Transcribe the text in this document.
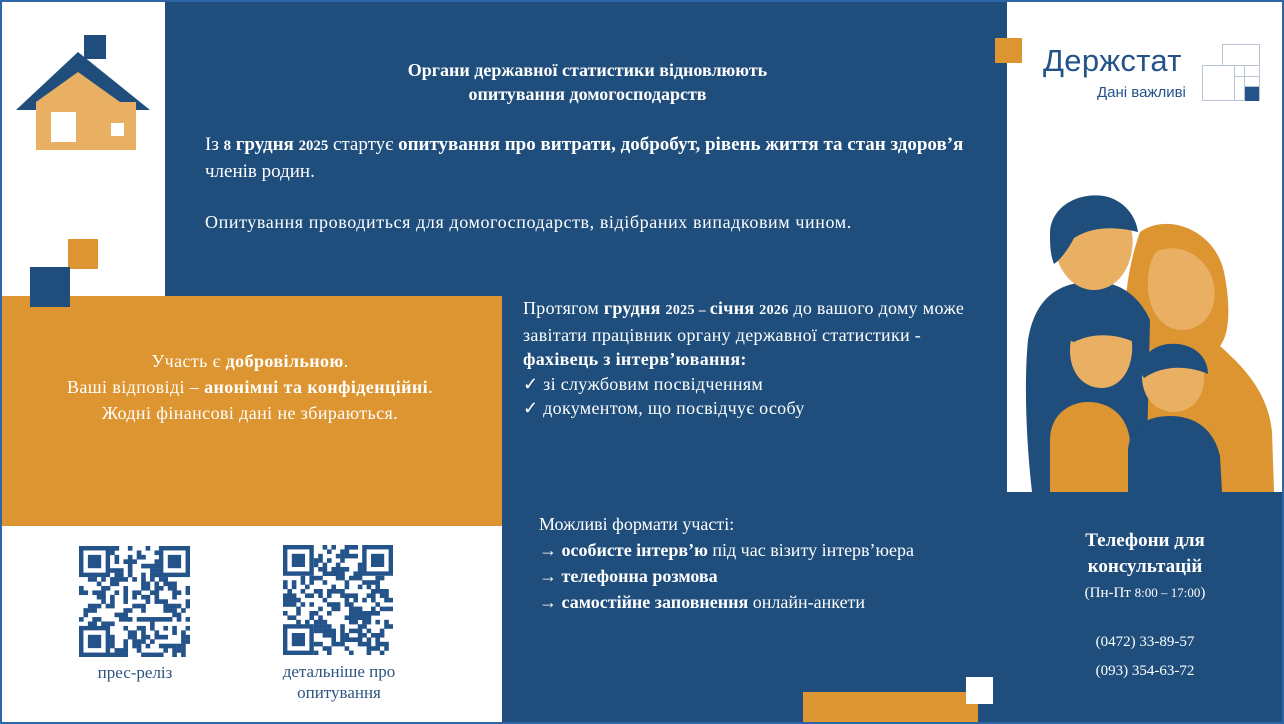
Держстат
Дані важливі
Органи державної статистики відновлюють
опитування домогосподарств
Із 8 грудня 2025 стартує опитування про витрати, добробут, рівень життя та стан здоров’я членів родин.
Опитування проводиться для домогосподарств, відібраних випадковим чином.
Протягом грудня 2025 – січня 2026 до вашого дому може завітати працівник органу державної статистики - фахівець з інтерв’ювання:
✓ зі службовим посвідченням
✓ документом, що посвідчує особу
Участь є добровільною.
Ваші відповіді – анонімні та конфіденційні.
Жодні фінансові дані не збираються.
Можливі формати участі:
→ особисте інтерв’ю під час візиту інтерв’юера
→ телефонна розмова
→ самостійне заповнення онлайн-анкети
Телефони для консультацій
(Пн-Пт 8:00 – 17:00)
(0472) 33-89-57
(093) 354-63-72
прес-реліз	детальніше про опитування
